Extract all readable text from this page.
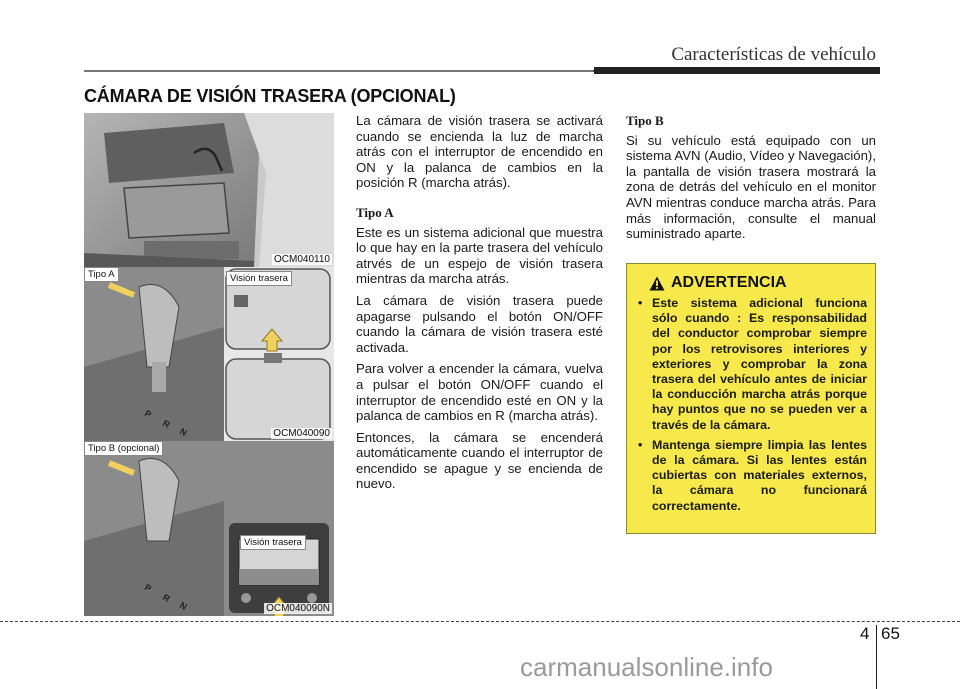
Características de vehículo
CÁMARA DE VISIÓN TRASERA (OPCIONAL)
OCM040110
P
R
N
Tipo A	Visión trasera
OCM040090
P
R
N
Tipo B (opcional)
Visión trasera
OCM040090N

La cámara de visión trasera se activará cuando se encienda la luz de marcha atrás con el interruptor de encendido en ON y la palanca de cambios en la posición R (marcha atrás).

Tipo A

Este es un sistema adicional que muestra lo que hay en la parte trasera del vehículo atrvés de un espejo de visión trasera mientras da marcha atrás.

La cámara de visión trasera puede apagarse pulsando el botón ON/OFF cuando la cámara de visión trasera esté activada.

Para volver a encender la cámara, vuelva a pulsar el botón ON/OFF cuando el interruptor de encendido esté en ON y la palanca de cambios en R (marcha atrás).

Entonces, la cámara se encenderá automáticamente cuando el interruptor de encendido se apague y se encienda de nuevo.

Tipo B

Si su vehículo está equipado con un sistema AVN (Audio, Vídeo y Navegación), la pantalla de visión trasera mostrará la zona de detrás del vehículo en el monitor AVN mientras conduce marcha atrás. Para más información, consulte el manual suministrado aparte.

ADVERTENCIA
• Este sistema adicional funciona sólo cuando : Es responsabilidad del conductor comprobar siempre por los retrovisores interiores y exteriores y comprobar la zona trasera del vehículo antes de iniciar la conducción marcha atrás porque hay puntos que no se pueden ver a través de la cámara.
• Mantenga siempre limpia las lentes de la cámara. Si las lentes están cubiertas con materiales externos, la cámara no funcionará correctamente.
4 65
carmanualsonline.info
